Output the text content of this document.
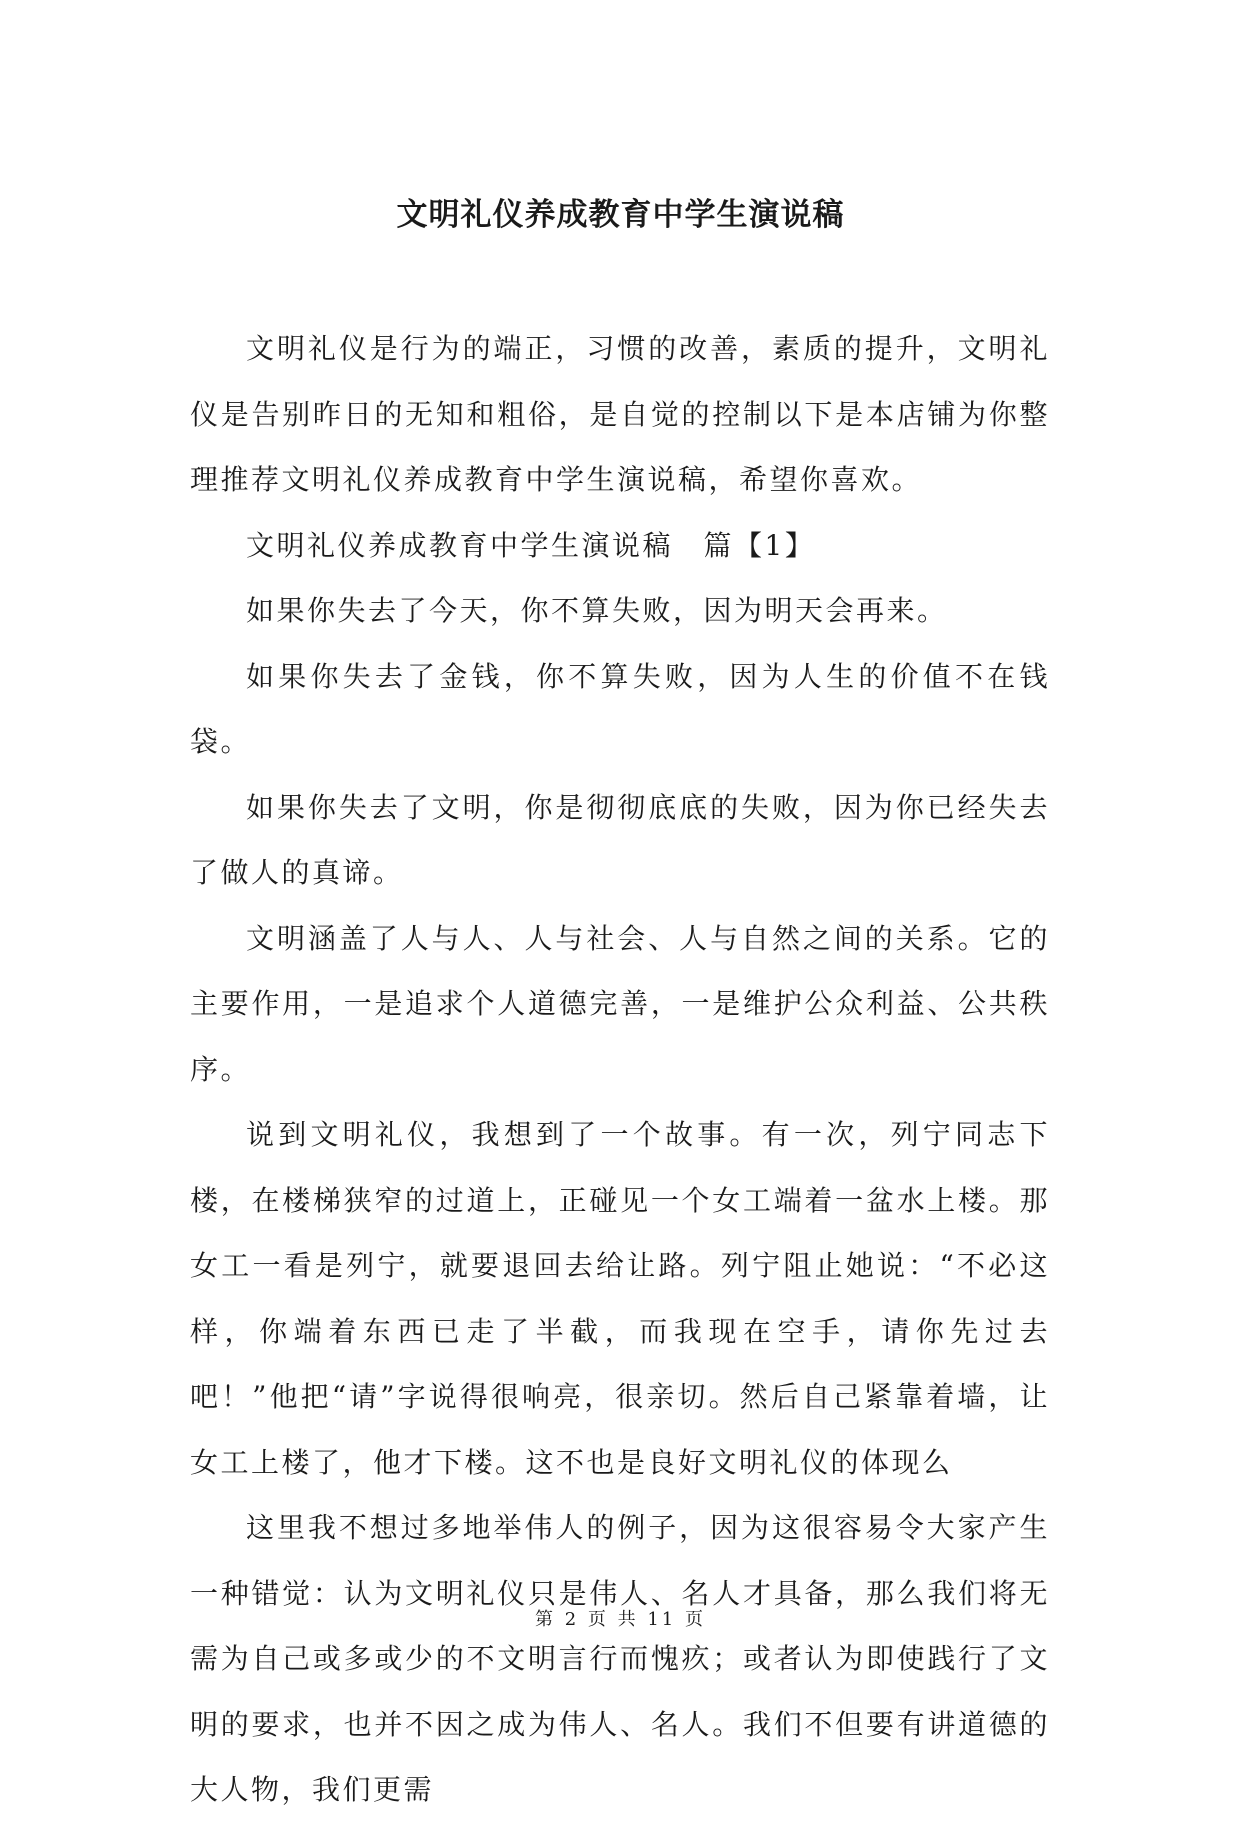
文明礼仪养成教育中学生演说稿

文明礼仪是行为的端正，习惯的改善，素质的提升，文明礼仪是告别昨日的无知和粗俗，是自觉的控制以下是本店铺为你整理推荐文明礼仪养成教育中学生演说稿，希望你喜欢。

文明礼仪养成教育中学生演说稿　篇【1】

如果你失去了今天，你不算失败，因为明天会再来。

如果你失去了金钱，你不算失败，因为人生的价值不在钱袋。

如果你失去了文明，你是彻彻底底的失败，因为你已经失去了做人的真谛。

文明涵盖了人与人、人与社会、人与自然之间的关系。它的主要作用，一是追求个人道德完善，一是维护公众利益、公共秩序。

说到文明礼仪，我想到了一个故事。有一次，列宁同志下楼，在楼梯狭窄的过道上，正碰见一个女工端着一盆水上楼。那女工一看是列宁，就要退回去给让路。列宁阻止她说：“不必这样，你端着东西已走了半截，而我现在空手，请你先过去吧！”他把“请”字说得很响亮，很亲切。然后自己紧靠着墙，让女工上楼了，他才下楼。这不也是良好文明礼仪的体现么

这里我不想过多地举伟人的例子，因为这很容易令大家产生一种错觉：认为文明礼仪只是伟人、名人才具备，那么我们将无需为自己或多或少的不文明言行而愧疚；或者认为即使践行了文明的要求，也并不因之成为伟人、名人。我们不但要有讲道德的大人物，我们更需

第 2 页 共 11 页
